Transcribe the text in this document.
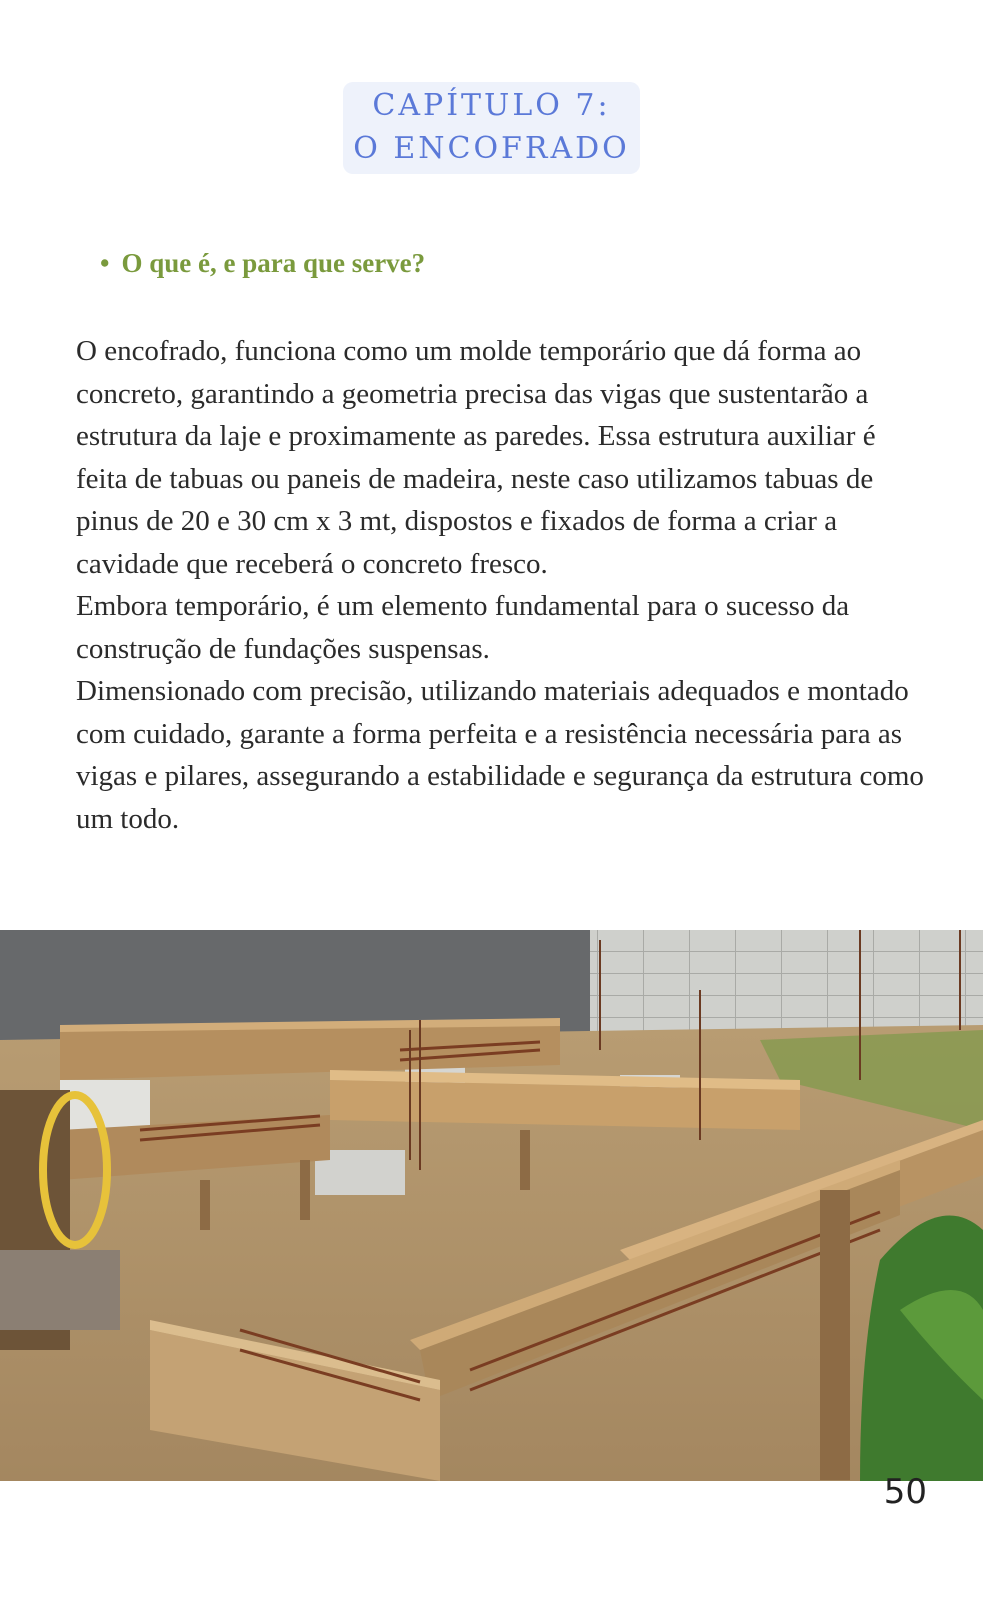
CAPÍTULO 7:
O ENCOFRADO
• O que é, e para que serve?

O encofrado, funciona como um molde temporário que dá forma ao concreto, garantindo a geometria precisa das vigas que sustentarão a estrutura da laje e proximamente as paredes. Essa estrutura auxiliar é feita de tabuas ou paneis de madeira, neste caso utilizamos tabuas de pinus de 20 e 30 cm x 3 mt, dispostos e fixados de forma a criar a cavidade que receberá o concreto fresco.

Embora temporário, é um elemento fundamental para o sucesso da construção de fundações suspensas.

Dimensionado com precisão, utilizando materiais adequados e montado com cuidado, garante a forma perfeita e a resistência necessária para as vigas e pilares, assegurando a estabilidade e segurança da estrutura como um todo.

50
